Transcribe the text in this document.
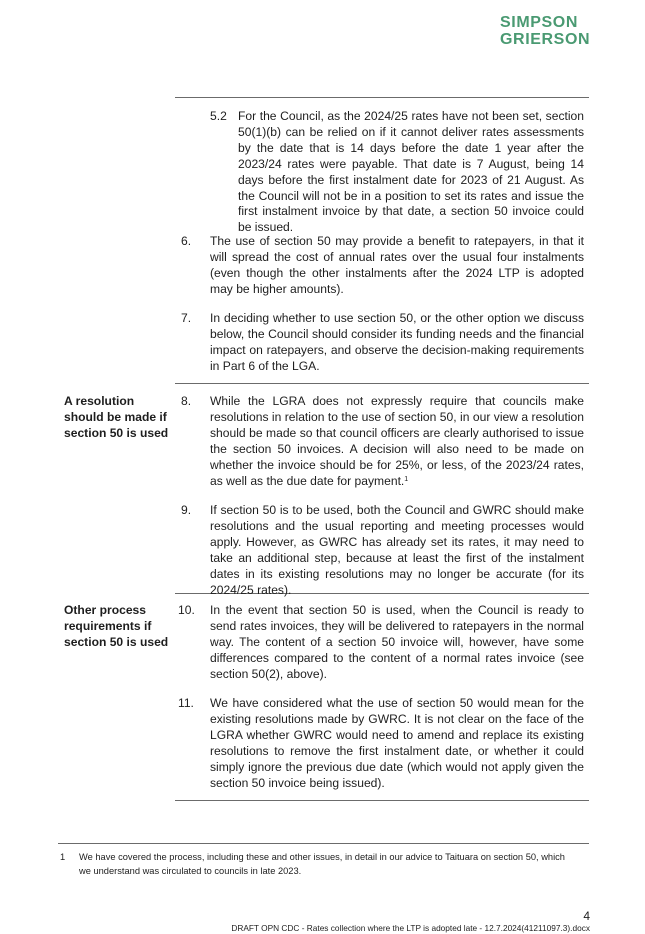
SIMPSON
GRIERSON
5.2 For the Council, as the 2024/25 rates have not been set, section 50(1)(b) can be relied on if it cannot deliver rates assessments by the date that is 14 days before the date 1 year after the 2023/24 rates were payable. That date is 7 August, being 14 days before the first instalment date for 2023 of 21 August. As the Council will not be in a position to set its rates and issue the first instalment invoice by that date, a section 50 invoice could be issued.

6. The use of section 50 may provide a benefit to ratepayers, in that it will spread the cost of annual rates over the usual four instalments (even though the other instalments after the 2024 LTP is adopted may be higher amounts).

7. In deciding whether to use section 50, or the other option we discuss below, the Council should consider its funding needs and the financial impact on ratepayers, and observe the decision-making requirements in Part 6 of the LGA.

A resolution should be made if section 50 is used

8. While the LGRA does not expressly require that councils make resolutions in relation to the use of section 50, in our view a resolution should be made so that council officers are clearly authorised to issue the section 50 invoices. A decision will also need to be made on whether the invoice should be for 25%, or less, of the 2023/24 rates, as well as the due date for payment.$^1$

9. If section 50 is to be used, both the Council and GWRC should make resolutions and the usual reporting and meeting processes would apply. However, as GWRC has already set its rates, it may need to take an additional step, because at least the first of the instalment dates in its existing resolutions may no longer be accurate (for its 2024/25 rates).

Other process requirements if section 50 is used

10. In the event that section 50 is used, when the Council is ready to send rates invoices, they will be delivered to ratepayers in the normal way. The content of a section 50 invoice will, however, have some differences compared to the content of a normal rates invoice (see section 50(2), above).

11. We have considered what the use of section 50 would mean for the existing resolutions made by GWRC. It is not clear on the face of the LGRA whether GWRC would need to amend and replace its existing resolutions to remove the first instalment date, or whether it could simply ignore the previous due date (which would not apply given the section 50 invoice being issued).

1 We have covered the process, including these and other issues, in detail in our advice to Taituara on section 50, which
we understand was circulated to councils in late 2023.
4
DRAFT OPN CDC - Rates collection where the LTP is adopted late - 12.7.2024(41211097.3).docx
